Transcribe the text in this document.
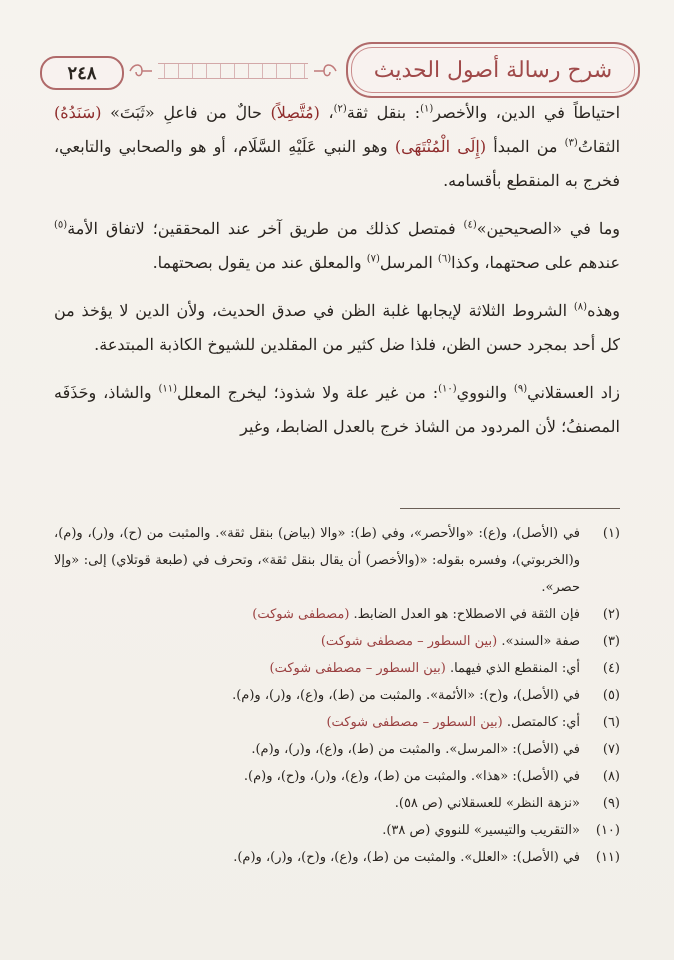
٢٤٨	شرح رسالة أصول الحديث

احتياطاً في الدين، والأخصر$^{(١)}$: بنقل ثقة$^{(٢)}$، (مُتَّصِلاً) حالٌ من فاعلِ «ثَبَتَ» (سَنَدُهُ) الثقاتُ$^{(٣)}$ من المبدأ (إِلَى الْمُنْتَهَى) وهو النبي عَلَيْهِ السَّلَام، أو هو والصحابي والتابعي، فخرج به المنقطع بأقسامه.

وما في «الصحيحين»$^{(٤)}$ فمتصل كذلك من طريق آخر عند المحققين؛ لاتفاق الأمة$^{(٥)}$ عندهم على صحتهما، وكذا$^{(٦)}$ المرسل$^{(٧)}$ والمعلق عند من يقول بصحتهما.

وهذه$^{(٨)}$ الشروط الثلاثة لإيجابها غلبة الظن في صدق الحديث، ولأن الدين لا يؤخذ من كل أحد بمجرد حسن الظن، فلذا ضل كثير من المقلدين للشيوخ الكاذبة المبتدعة.

زاد العسقلاني$^{(٩)}$ والنووي$^{(١٠)}$: من غير علة ولا شذوذ؛ ليخرج المعلل$^{(١١)}$ والشاذ، وحَذَفَه المصنفُ؛ لأن المردود من الشاذ خرج بالعدل الضابط، وغير

(١)
في (الأصل)، و(ع): «والأحصر»، وفي (ط): «والا (بياض) بنقل ثقة». والمثبت من (ح)، و(ر)، و(م)، و(الخربوتي)، وفسره بقوله: «(والأخصر) أن يقال بنقل ثقة»، وتحرف في (طبعة قوتلاي) إلى: «وإلا حصر».
(٢)
فإن الثقة في الاصطلاح: هو العدل الضابط. (مصطفى شوكت)
(٣)
صفة «السند». (بين السطور – مصطفى شوكت)
(٤)
أي: المنقطع الذي فيهما. (بين السطور – مصطفى شوكت)
(٥)
في (الأصل)، و(ح): «الأئمة». والمثبت من (ط)، و(ع)، و(ر)، و(م).
(٦)
أي: كالمتصل. (بين السطور – مصطفى شوكت)
(٧)
في (الأصل): «المرسل». والمثبت من (ط)، و(ع)، و(ر)، و(م).
(٨)
في (الأصل): «هذا». والمثبت من (ط)، و(ع)، و(ر)، و(ح)، و(م).
(٩)
«نزهة النظر» للعسقلاني (ص ٥٨).
(١٠)
«التقريب والتيسير» للنووي (ص ٣٨).
(١١)
في (الأصل): «العلل». والمثبت من (ط)، و(ع)، و(ح)، و(ر)، و(م).
